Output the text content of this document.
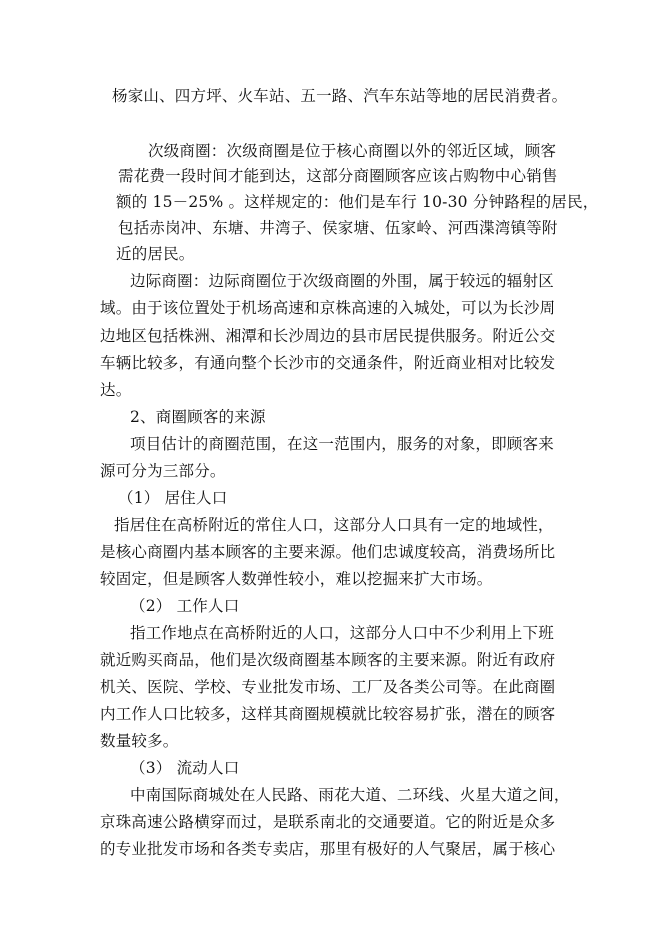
杨家山、四方坪、火车站、五一路、汽车东站等地的居民消费者。
次级商圈：次级商圈是位于核心商圈以外的邻近区域，顾客
需花费一段时间才能到达，这部分商圈顾客应该占购物中心销售
额的 15－25% 。这样规定的：他们是车行 10-30 分钟路程的居民，
包括赤岗冲、东塘、井湾子、侯家塘、伍家岭、河西渫湾镇等附
近的居民。
边际商圈：边际商圈位于次级商圈的外围，属于较远的辐射区
域。由于该位置处于机场高速和京株高速的入城处，可以为长沙周
边地区包括株洲、湘潭和长沙周边的县市居民提供服务。附近公交
车辆比较多，有通向整个长沙市的交通条件，附近商业相对比较发
达。
2、商圈顾客的来源
项目估计的商圈范围，在这一范围内，服务的对象，即顾客来
源可分为三部分。
（1） 居住人口
指居住在高桥附近的常住人口，这部分人口具有一定的地域性，
是核心商圈内基本顾客的主要来源。他们忠诚度较高，消费场所比
较固定，但是顾客人数弹性较小，难以挖掘来扩大市场。
（2） 工作人口
指工作地点在高桥附近的人口，这部分人口中不少利用上下班
就近购买商品，他们是次级商圈基本顾客的主要来源。附近有政府
机关、医院、学校、专业批发市场、工厂及各类公司等。在此商圈
内工作人口比较多，这样其商圈规模就比较容易扩张，潜在的顾客
数量较多。
（3） 流动人口
中南国际商城处在人民路、雨花大道、二环线、火星大道之间，
京珠高速公路横穿而过，是联系南北的交通要道。它的附近是众多
的专业批发市场和各类专卖店，那里有极好的人气聚居，属于核心
